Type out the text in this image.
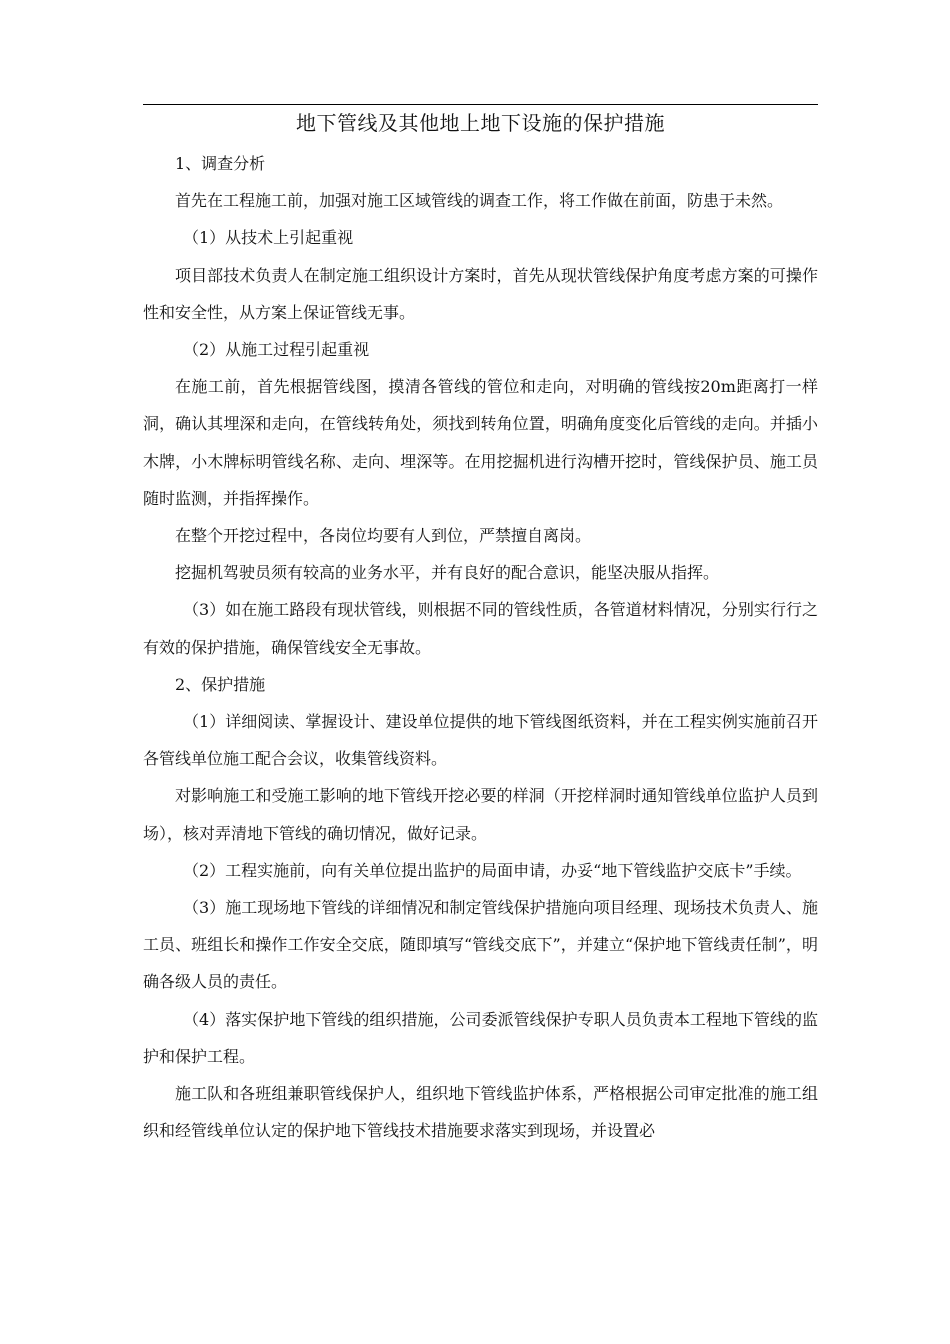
地下管线及其他地上地下设施的保护措施

1、调查分析

首先在工程施工前，加强对施工区域管线的调查工作，将工作做在前面，防患于未然。

（1）从技术上引起重视

项目部技术负责人在制定施工组织设计方案时，首先从现状管线保护角度考虑方案的可操作性和安全性，从方案上保证管线无事。

（2）从施工过程引起重视

在施工前，首先根据管线图，摸清各管线的管位和走向，对明确的管线按20m距离打一样洞，确认其埋深和走向，在管线转角处，须找到转角位置，明确角度变化后管线的走向。并插小木牌，小木牌标明管线名称、走向、埋深等。在用挖掘机进行沟槽开挖时，管线保护员、施工员随时监测，并指挥操作。

在整个开挖过程中，各岗位均要有人到位，严禁擅自离岗。

挖掘机驾驶员须有较高的业务水平，并有良好的配合意识，能坚决服从指挥。

（3）如在施工路段有现状管线，则根据不同的管线性质，各管道材料情况，分别实行行之有效的保护措施，确保管线安全无事故。

2、保护措施

（1）详细阅读、掌握设计、建设单位提供的地下管线图纸资料，并在工程实例实施前召开各管线单位施工配合会议，收集管线资料。

对影响施工和受施工影响的地下管线开挖必要的样洞（开挖样洞时通知管线单位监护人员到场），核对弄清地下管线的确切情况，做好记录。

（2）工程实施前，向有关单位提出监护的局面申请，办妥“地下管线监护交底卡”手续。

（3）施工现场地下管线的详细情况和制定管线保护措施向项目经理、现场技术负责人、施工员、班组长和操作工作安全交底，随即填写“管线交底下”，并建立“保护地下管线责任制”，明确各级人员的责任。

（4）落实保护地下管线的组织措施，公司委派管线保护专职人员负责本工程地下管线的监护和保护工程。

施工队和各班组兼职管线保护人，组织地下管线监护体系，严格根据公司审定批准的施工组织和经管线单位认定的保护地下管线技术措施要求落实到现场，并设置必
